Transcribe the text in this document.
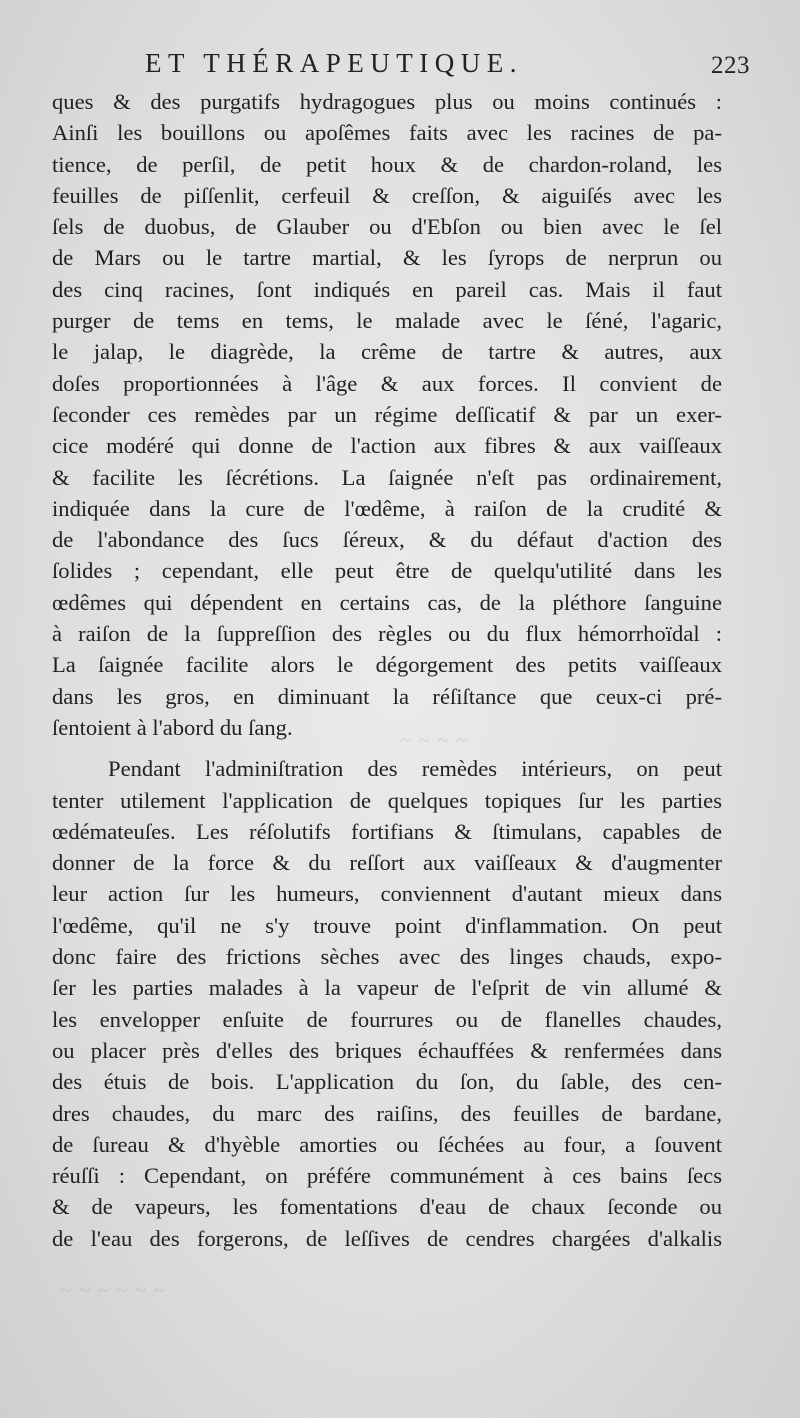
ET THÉRAPEUTIQUE.	223
~ ~ ~ ~
~ ~ ~ ~ ~ ~
ques & des purgatifs hydragogues plus ou moins continués :
Ainſi les bouillons ou apoſêmes faits avec les racines de pa-
tience, de perſil, de petit houx & de chardon-roland, les
feuilles de piſſenlit, cerfeuil & creſſon, & aiguiſés avec les
ſels de duobus, de Glauber ou d'Ebſon ou bien avec le ſel
de Mars ou le tartre martial, & les ſyrops de nerprun ou
des cinq racines, ſont indiqués en pareil cas. Mais il faut
purger de tems en tems, le malade avec le ſéné, l'agaric,
le jalap, le diagrède, la crême de tartre & autres, aux
doſes proportionnées à l'âge & aux forces. Il convient de
ſeconder ces remèdes par un régime deſſicatif & par un exer-
cice modéré qui donne de l'action aux fibres & aux vaiſſeaux
& facilite les ſécrétions. La ſaignée n'eſt pas ordinairement,
indiquée dans la cure de l'œdême, à raiſon de la crudité &
de l'abondance des ſucs ſéreux, & du défaut d'action des
ſolides ; cependant, elle peut être de quelqu'utilité dans les
œdêmes qui dépendent en certains cas, de la pléthore ſanguine
à raiſon de la ſuppreſſion des règles ou du flux hémorrhoïdal :
La ſaignée facilite alors le dégorgement des petits vaiſſeaux
dans les gros, en diminuant la réſiſtance que ceux-ci pré-
ſentoient à l'abord du ſang.
Pendant l'adminiſtration des remèdes intérieurs, on peut
tenter utilement l'application de quelques topiques ſur les parties
œdémateuſes. Les réſolutifs fortifians & ſtimulans, capables de
donner de la force & du reſſort aux vaiſſeaux & d'augmenter
leur action ſur les humeurs, conviennent d'autant mieux dans
l'œdême, qu'il ne s'y trouve point d'inflammation. On peut
donc faire des frictions sèches avec des linges chauds, expo-
ſer les parties malades à la vapeur de l'eſprit de vin allumé &
les envelopper enſuite de fourrures ou de flanelles chaudes,
ou placer près d'elles des briques échauffées & renfermées dans
des étuis de bois. L'application du ſon, du ſable, des cen-
dres chaudes, du marc des raiſins, des feuilles de bardane,
de ſureau & d'hyèble amorties ou ſéchées au four, a ſouvent
réuſſi : Cependant, on préfére communément à ces bains ſecs
& de vapeurs, les fomentations d'eau de chaux ſeconde ou
de l'eau des forgerons, de leſſives de cendres chargées d'alkalis
